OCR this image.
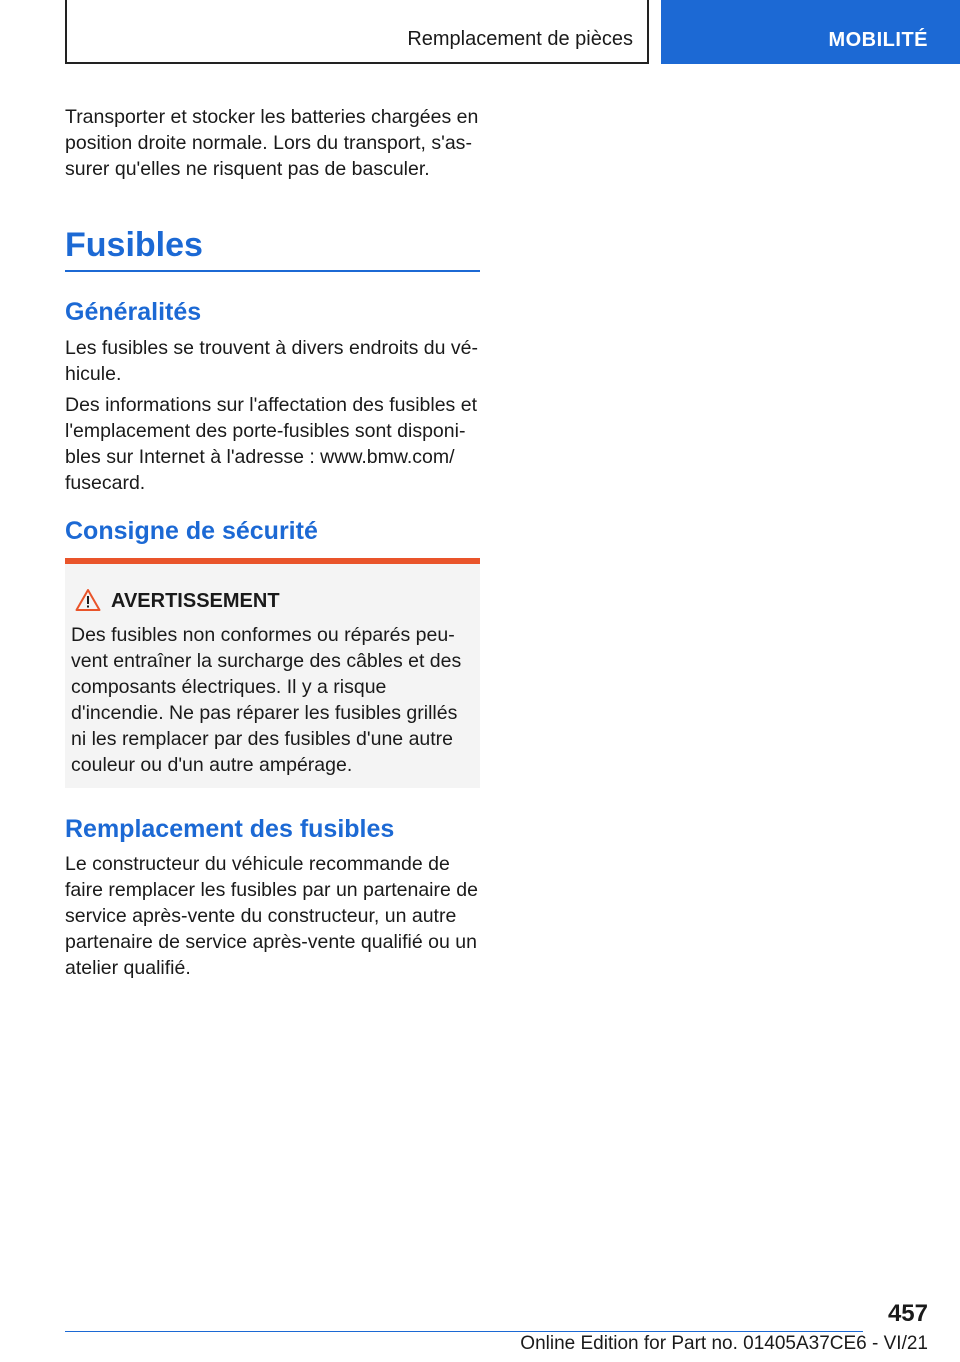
Remplacement de pièces	MOBILITÉ

Transporter et stocker les batteries chargées en position droite normale. Lors du transport, s'assurer qu'elles ne risquent pas de basculer.

Fusibles
Généralités

Les fusibles se trouvent à divers endroits du véhicule.

Des informations sur l'affectation des fusibles et l'emplacement des porte-fusibles sont disponibles sur Internet à l'adresse : www.bmw.com/ fusecard.

Consigne de sécurité
AVERTISSEMENT

Des fusibles non conformes ou réparés peuvent entraîner la surcharge des câbles et des composants électriques. Il y a risque d'incendie. Ne pas réparer les fusibles grillés ni les remplacer par des fusibles d'une autre couleur ou d'un autre ampérage.

Remplacement des fusibles

Le constructeur du véhicule recommande de faire remplacer les fusibles par un partenaire de service après-vente du constructeur, un autre partenaire de service après-vente qualifié ou un atelier qualifié.

457
Online Edition for Part no. 01405A37CE6 - VI/21
